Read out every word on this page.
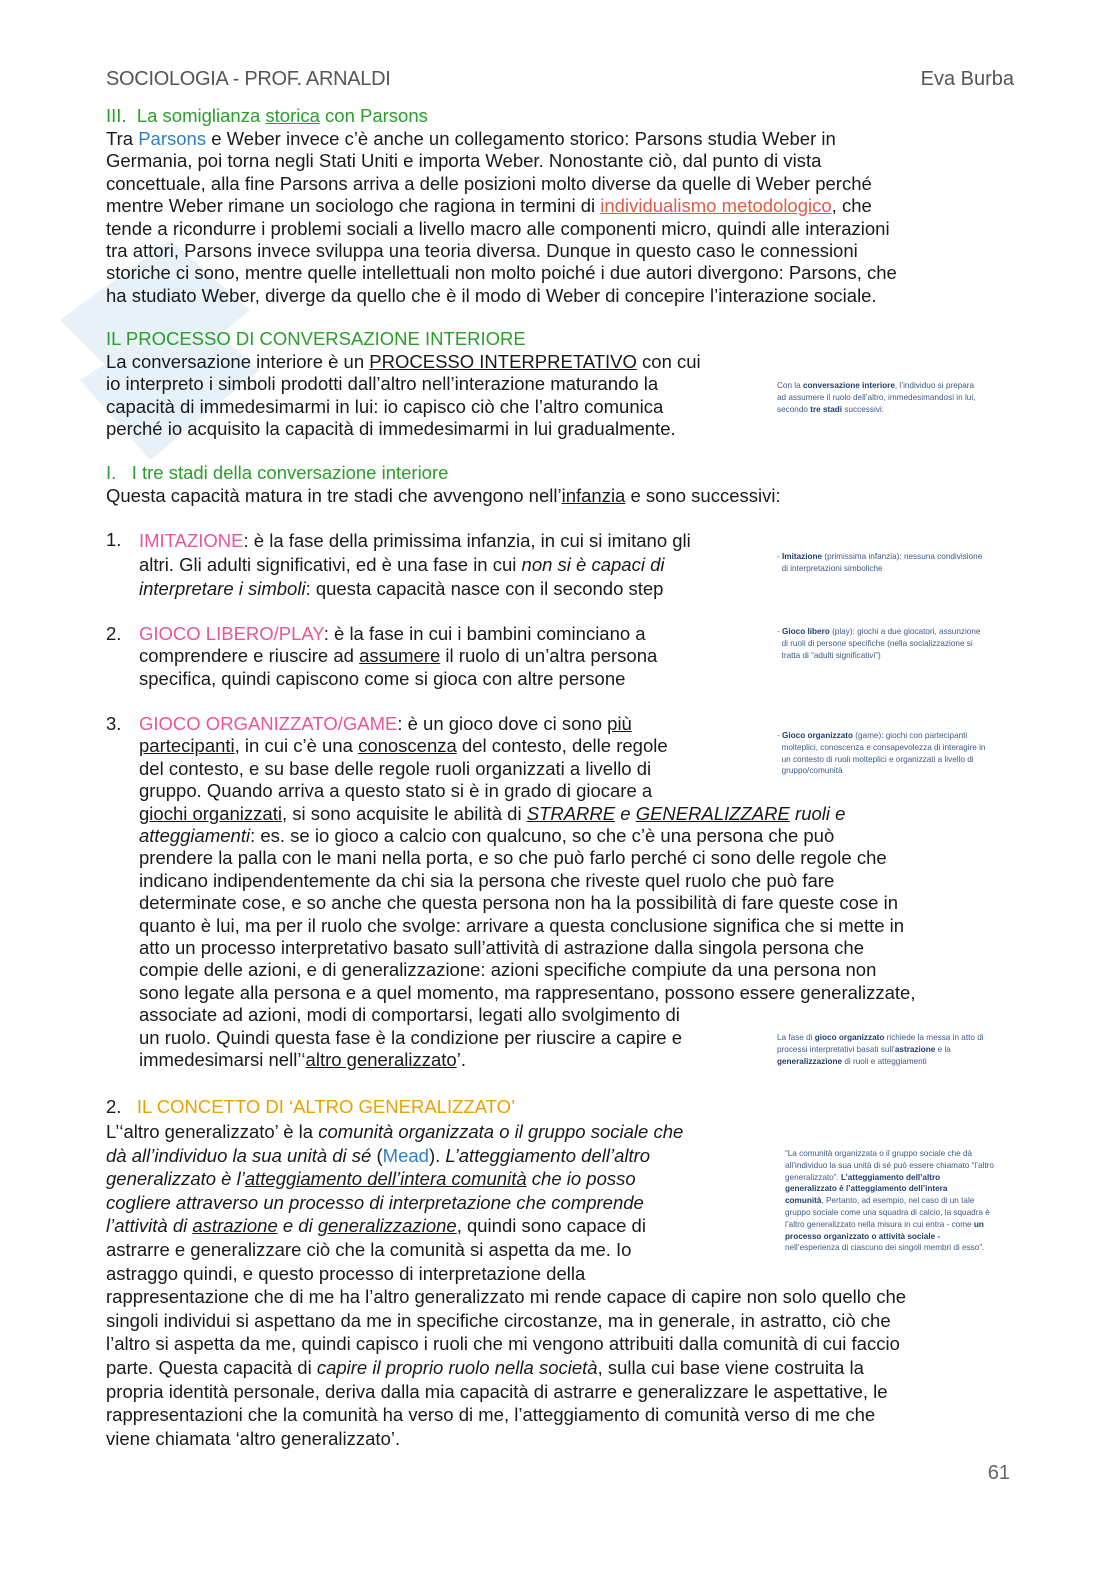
SOCIOLOGIA - PROF. ARNALDI	Eva Burba

III. La somiglianza storica con Parsons

Tra Parsons e Weber invece c’è anche un collegamento storico: Parsons studia Weber in
Germania, poi torna negli Stati Uniti e importa Weber. Nonostante ciò, dal punto di vista
concettuale, alla fine Parsons arriva a delle posizioni molto diverse da quelle di Weber perché
mentre Weber rimane un sociologo che ragiona in termini di individualismo metodologico, che
tende a ricondurre i problemi sociali a livello macro alle componenti micro, quindi alle interazioni
tra attori, Parsons invece sviluppa una teoria diversa. Dunque in questo caso le connessioni
storiche ci sono, mentre quelle intellettuali non molto poiché i due autori divergono: Parsons, che
ha studiato Weber, diverge da quello che è il modo di Weber di concepire l’interazione sociale.

IL PROCESSO DI CONVERSAZIONE INTERIORE

La conversazione interiore è un PROCESSO INTERPRETATIVO con cui
io interpreto i simboli prodotti dall’altro nell’interazione maturando la
capacità di immedesimarmi in lui: io capisco ciò che l’altro comunica
perché io acquisito la capacità di immedesimarmi in lui gradualmente.

Con la conversazione interiore, l’individuo si prepara
ad assumere il ruolo dell’altro, immedesimandosi in lui,
secondo tre stadi successivi:

I. I tre stadi della conversazione interiore

Questa capacità matura in tre stadi che avvengono nell’infanzia e sono successivi:

1. IMITAZIONE: è la fase della primissima infanzia, in cui si imitano gli
altri. Gli adulti significativi, ed è una fase in cui non si è capaci di
interpretare i simboli: questa capacità nasce con il secondo step
- Imitazione (primissima infanzia): nessuna condivisione
di interpretazioni simboliche
2. GIOCO LIBERO/PLAY: è la fase in cui i bambini cominciano a
comprendere e riuscire ad assumere il ruolo di un’altra persona
specifica, quindi capiscono come si gioca con altre persone
- Gioco libero (play): giochi a due giocatori, assunzione
di ruoli di persone specifiche (nella socializzazione si
tratta di “adulti significativi”)
3. GIOCO ORGANIZZATO/GAME: è un gioco dove ci sono più
partecipanti, in cui c’è una conoscenza del contesto, delle regole
del contesto, e su base delle regole ruoli organizzati a livello di
gruppo. Quando arriva a questo stato si è in grado di giocare a
giochi organizzati, si sono acquisite le abilità di STRARRE e GENERALIZZARE ruoli e
atteggiamenti: es. se io gioco a calcio con qualcuno, so che c’è una persona che può
prendere la palla con le mani nella porta, e so che può farlo perché ci sono delle regole che
indicano indipendentemente da chi sia la persona che riveste quel ruolo che può fare
determinate cose, e so anche che questa persona non ha la possibilità di fare queste cose in
quanto è lui, ma per il ruolo che svolge: arrivare a questa conclusione significa che si mette in
atto un processo interpretativo basato sull’attività di astrazione dalla singola persona che
compie delle azioni, e di generalizzazione: azioni specifiche compiute da una persona non
sono legate alla persona e a quel momento, ma rappresentano, possono essere generalizzate,
associate ad azioni, modi di comportarsi, legati allo svolgimento di
un ruolo. Quindi questa fase è la condizione per riuscire a capire e
immedesimarsi nell’‘altro generalizzato’.
- Gioco organizzato (game): giochi con partecipanti
molteplici, conoscenza e consapevolezza di interagire in
un contesto di ruoli molteplici e organizzati a livello di
gruppo/comunità
La fase di gioco organizzato richiede la messa in atto di
processi interpretativi basati sull’astrazione e la
generalizzazione di ruoli e atteggiamenti

2. IL CONCETTO DI ‘ALTRO GENERALIZZATO’

L’‘altro generalizzato’ è la comunità organizzata o il gruppo sociale che
dà all’individuo la sua unità di sé (Mead). L’atteggiamento dell’altro
generalizzato è l’atteggiamento dell’intera comunità che io posso
cogliere attraverso un processo di interpretazione che comprende
l’attività di astrazione e di generalizzazione, quindi sono capace di
astrarre e generalizzare ciò che la comunità si aspetta da me. Io
astraggo quindi, e questo processo di interpretazione della
rappresentazione che di me ha l’altro generalizzato mi rende capace di capire non solo quello che
singoli individui si aspettano da me in specifiche circostanze, ma in generale, in astratto, ciò che
l’altro si aspetta da me, quindi capisco i ruoli che mi vengono attribuiti dalla comunità di cui faccio
parte. Questa capacità di capire il proprio ruolo nella società, sulla cui base viene costruita la
propria identità personale, deriva dalla mia capacità di astrarre e generalizzare le aspettative, le
rappresentazioni che la comunità ha verso di me, l’atteggiamento di comunità verso di me che
viene chiamata ‘altro generalizzato’.

“La comunità organizzata o il gruppo sociale che dà
all’individuo la sua unità di sé può essere chiamato “l’altro
generalizzato”. L’atteggiamento dell’altro
generalizzato è l’atteggiamento dell’intera
comunità. Pertanto, ad esempio, nel caso di un tale
gruppo sociale come una squadra di calcio, la squadra è
l’altro generalizzato nella misura in cui entra - come un
processo organizzato o attività sociale -
nell’esperienza di ciascuno dei singoli membri di esso”.
61
